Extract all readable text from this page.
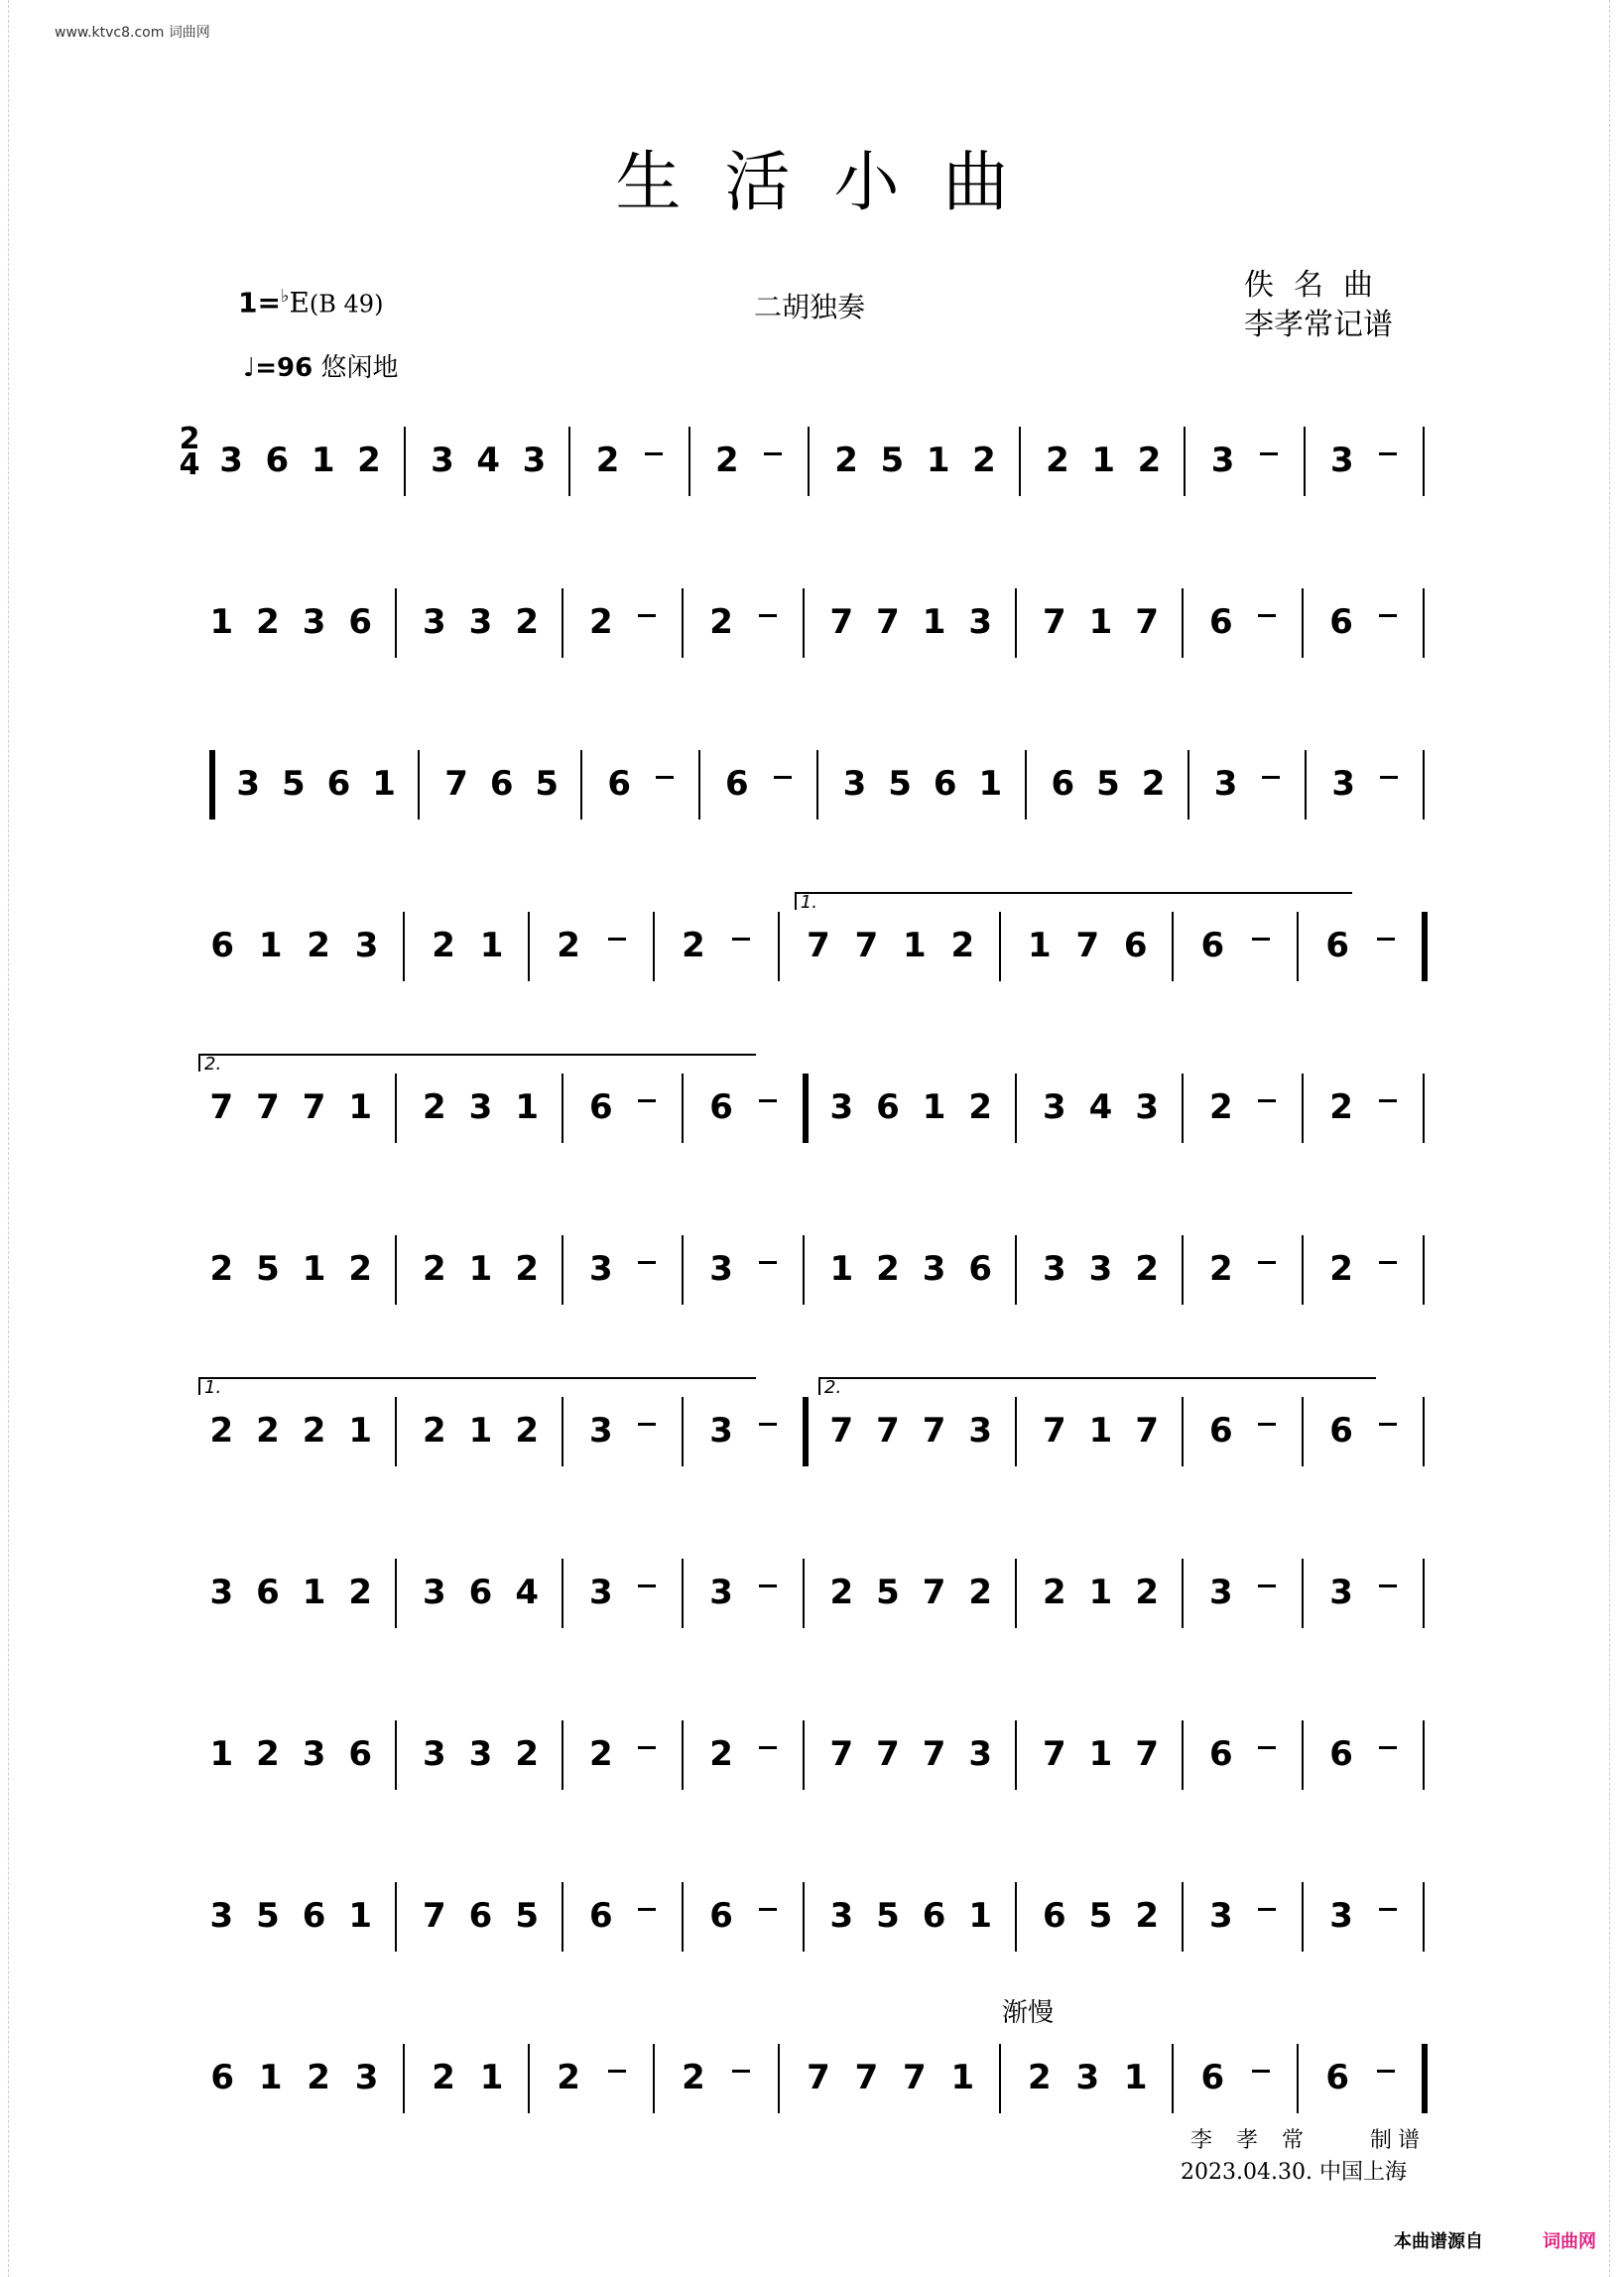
www.ktvc8.com 词曲网
生活小曲
1=♭E(B 49)	二胡独奏
佚名曲
李孝常记谱
♩=96 悠闲地
2
4 3 6 1 2 3 4 3 2	2	2 5 1 2 2 1 2 3	3
1 2 3 6 3 3 2 2	2	7 7 1 3 7 1 7 6	6
3 5 6 1 7 6 5 6	6	3 5 6 1 6 5 2 3	3
6 1 2 3 2 1 2	2
1.
7 7 1 2 1 7 6 6	6
2.
7 7 7 1 2 3 1 6	6	3 6 1 2 3 4 3 2	2
2 5 1 2 2 1 2 3	3	1 2 3 6 3 3 2 2	2
1.
2 2 2 1 2 1 2 3	3
2.
7 7 7 3 7 1 7 6	6
3 6 1 2 3 6 4 3	3	2 5 7 2 2 1 2 3	3
1 2 3 6 3 3 2 2	2	7 7 7 3 7 1 7 6	6
3 5 6 1 7 6 5 6	6	3 5 6 1 6 5 2 3	3
6 1 2 3 2 1 2	2	7 7 7 1 2 3 1 6	6
渐慢
李孝常 制谱
2023.04.30. 中国上海
本曲谱源自	词曲网
